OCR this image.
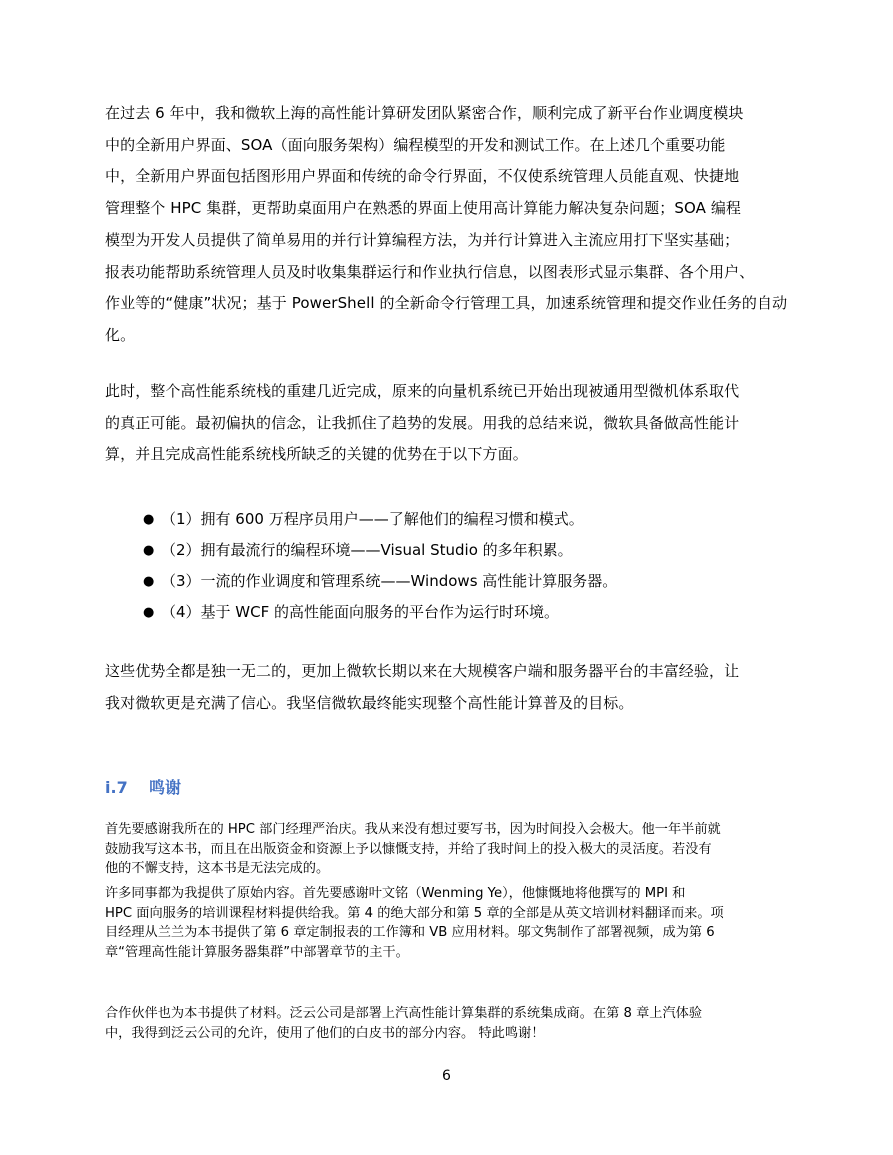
在过去 6 年中，我和微软上海的高性能计算研发团队紧密合作，顺利完成了新平台作业调度模块
中的全新用户界面、SOA（面向服务架构）编程模型的开发和测试工作。在上述几个重要功能
中，全新用户界面包括图形用户界面和传统的命令行界面，不仅使系统管理人员能直观、快捷地
管理整个 HPC 集群，更帮助桌面用户在熟悉的界面上使用高计算能力解决复杂问题；SOA 编程
模型为开发人员提供了简单易用的并行计算编程方法，为并行计算进入主流应用打下坚实基础；
报表功能帮助系统管理人员及时收集集群运行和作业执行信息，以图表形式显示集群、各个用户、
作业等的“健康”状况；基于 PowerShell 的全新命令行管理工具，加速系统管理和提交作业任务的自动
化。

此时，整个高性能系统栈的重建几近完成，原来的向量机系统已开始出现被通用型微机体系取代
的真正可能。最初偏执的信念，让我抓住了趋势的发展。用我的总结来说，微软具备做高性能计
算，并且完成高性能系统栈所缺乏的关键的优势在于以下方面。

● （1）拥有 600 万程序员用户——了解他们的编程习惯和模式。
● （2）拥有最流行的编程环境——Visual Studio 的多年积累。
● （3）一流的作业调度和管理系统——Windows 高性能计算服务器。
● （4）基于 WCF 的高性能面向服务的平台作为运行时环境。

这些优势全都是独一无二的，更加上微软长期以来在大规模客户端和服务器平台的丰富经验，让
我对微软更是充满了信心。我坚信微软最终能实现整个高性能计算普及的目标。

i.7 鸣谢

首先要感谢我所在的 HPC 部门经理严治庆。我从来没有想过要写书，因为时间投入会极大。他一年半前就
鼓励我写这本书，而且在出版资金和资源上予以慷慨支持，并给了我时间上的投入极大的灵活度。若没有
他的不懈支持，这本书是无法完成的。

许多同事都为我提供了原始内容。首先要感谢叶文铭（Wenming Ye），他慷慨地将他撰写的 MPI 和
HPC 面向服务的培训课程材料提供给我。第 4 的绝大部分和第 5 章的全部是从英文培训材料翻译而来。项
目经理从兰兰为本书提供了第 6 章定制报表的工作簿和 VB 应用材料。邬文隽制作了部署视频，成为第 6
章“管理高性能计算服务器集群”中部署章节的主干。

合作伙伴也为本书提供了材料。泛云公司是部署上汽高性能计算集群的系统集成商。在第 8 章上汽体验
中，我得到泛云公司的允许，使用了他们的白皮书的部分内容。 特此鸣谢！

6
